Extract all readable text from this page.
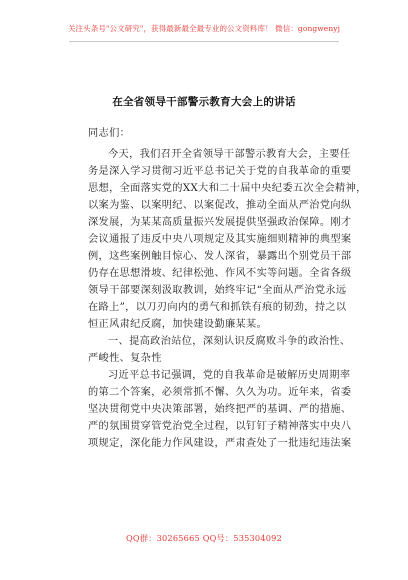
关注头条号"公文研究"，获得最新最全最专业的公文资料库！ 微信：gongwenyj
在全省领导干部警示教育大会上的讲话
同志们：
今天，我们召开全省领导干部警示教育大会，主要任
务是深入学习贯彻习近平总书记关于党的自我革命的重要
思想，全面落实党的XX大和二十届中央纪委五次全会精神，
以案为鉴、以案明纪、以案促改，推动全面从严治党向纵
深发展，为某某高质量振兴发展提供坚强政治保障。刚才
会议通报了违反中央八项规定及其实施细则精神的典型案
例，这些案例触目惊心、发人深省，暴露出个别党员干部
仍存在思想滑坡、纪律松弛、作风不实等问题。全省各级
领导干部要深刻汲取教训，始终牢记“全面从严治党永远
在路上”，以刀刃向内的勇气和抓铁有痕的韧劲，持之以
恒正风肃纪反腐，加快建设勤廉某某。
一、提高政治站位，深刻认识反腐败斗争的政治性、
严峻性、复杂性
习近平总书记强调，党的自我革命是破解历史周期率
的第二个答案，必须常抓不懈、久久为功。近年来，省委
坚决贯彻党中央决策部署，始终把严的基调、严的措施、
严的氛围贯穿管党治党全过程，以钉钉子精神落实中央八
项规定，深化能力作风建设，严肃查处了一批违纪违法案
QQ群：30265665 QQ号：535304092
